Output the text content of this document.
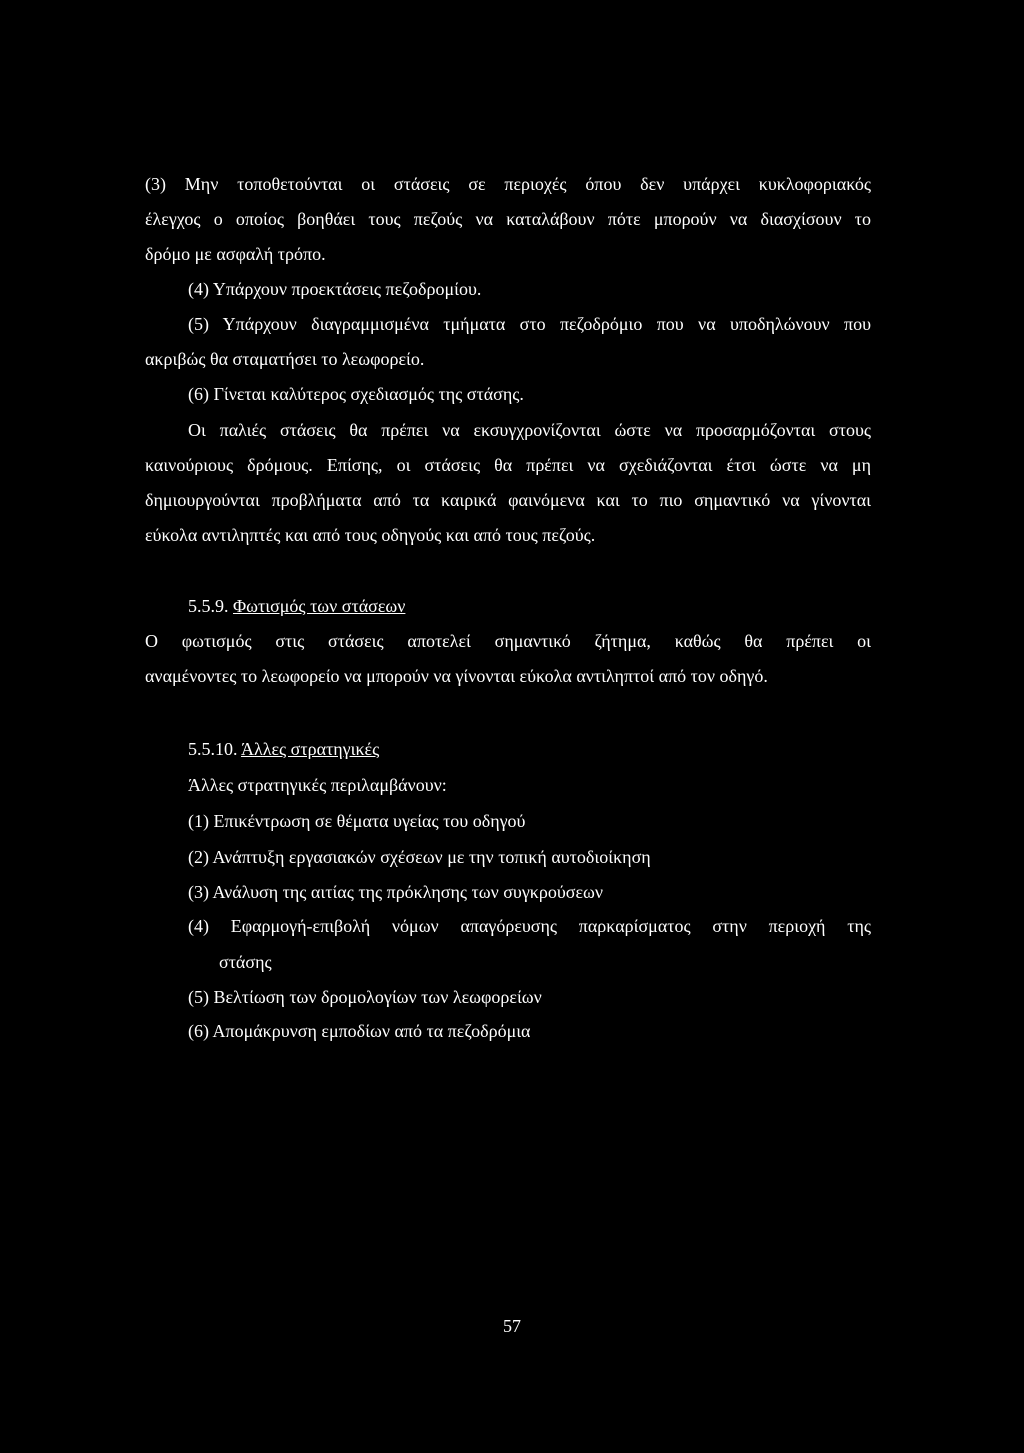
(3) Μην τοποθετούνται οι στάσεις σε περιοχές όπου δεν υπάρχει κυκλοφοριακός
έλεγχος ο οποίος βοηθάει τους πεζούς να καταλάβουν πότε μπορούν να διασχίσουν το
δρόμο με ασφαλή τρόπο.
(4) Υπάρχουν προεκτάσεις πεζοδρομίου.
(5) Υπάρχουν διαγραμμισμένα τμήματα στο πεζοδρόμιο που να υποδηλώνουν που
ακριβώς θα σταματήσει το λεωφορείο.
(6) Γίνεται καλύτερος σχεδιασμός της στάσης.
Οι παλιές στάσεις θα πρέπει να εκσυγχρονίζονται ώστε να προσαρμόζονται στους
καινούριους δρόμους. Επίσης, οι στάσεις θα πρέπει να σχεδιάζονται έτσι ώστε να μη
δημιουργούνται προβλήματα από τα καιρικά φαινόμενα και το πιο σημαντικό να γίνονται
εύκολα αντιληπτές και από τους οδηγούς και από τους πεζούς.
5.5.9. Φωτισμός των στάσεων
Ο φωτισμός στις στάσεις αποτελεί σημαντικό ζήτημα, καθώς θα πρέπει οι
αναμένοντες το λεωφορείο να μπορούν να γίνονται εύκολα αντιληπτοί από τον οδηγό.
5.5.10. Άλλες στρατηγικές
Άλλες στρατηγικές περιλαμβάνουν:
(1) Επικέντρωση σε θέματα υγείας του οδηγού
(2) Ανάπτυξη εργασιακών σχέσεων με την τοπική αυτοδιοίκηση
(3) Ανάλυση της αιτίας της πρόκλησης των συγκρούσεων
(4) Εφαρμογή-επιβολή νόμων απαγόρευσης παρκαρίσματος στην περιοχή της
στάσης
(5) Βελτίωση των δρομολογίων των λεωφορείων
(6) Απομάκρυνση εμποδίων από τα πεζοδρόμια
57
